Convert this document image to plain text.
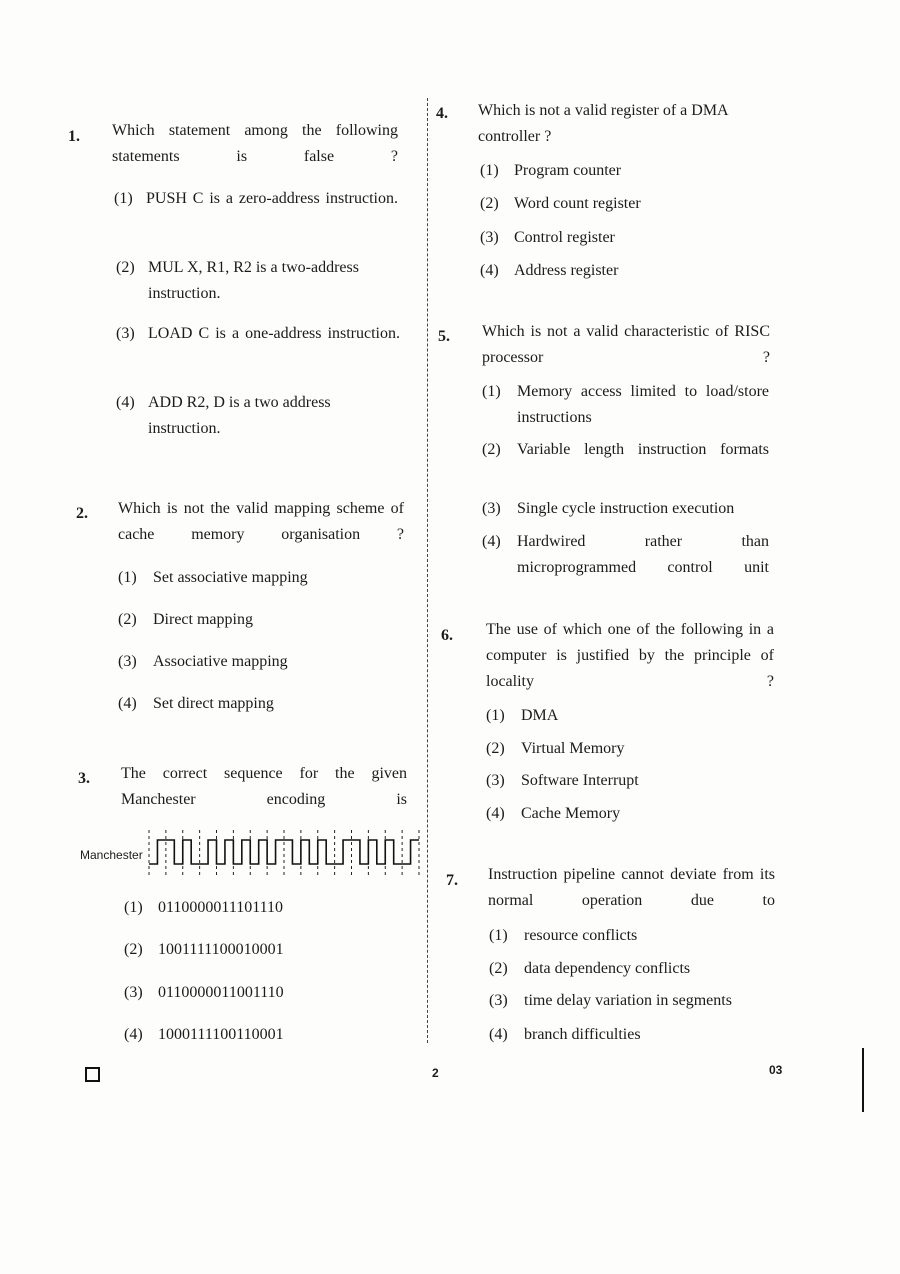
1. Which statement among the following statements is false ?
(1) PUSH C is a zero-address instruction.
(2) MUL X, R1, R2 is a two-address instruction.
(3) LOAD C is a one-address instruction.
(4) ADD R2, D is a two address instruction.
2. Which is not the valid mapping scheme of cache memory organisation ?
(1) Set associative mapping
(2) Direct mapping
(3) Associative mapping
(4) Set direct mapping
3. The correct sequence for the given Manchester encoding is
Manchester
(1) 0110000011101110
(2) 1001111100010001
(3) 0110000011001110
(4) 1000111100110001
4. Which is not a valid register of a DMA controller ?
(1) Program counter
(2) Word count register
(3) Control register
(4) Address register
5. Which is not a valid characteristic of RISC processor ?
(1) Memory access limited to load/store instructions
(2) Variable length instruction formats
(3) Single cycle instruction execution
(4) Hardwired rather than microprogrammed control unit
6. The use of which one of the following in a computer is justified by the principle of locality ?
(1) DMA
(2) Virtual Memory
(3) Software Interrupt
(4) Cache Memory
7. Instruction pipeline cannot deviate from its normal operation due to
(1) resource conflicts
(2) data dependency conflicts
(3) time delay variation in segments
(4) branch difficulties
2	03
